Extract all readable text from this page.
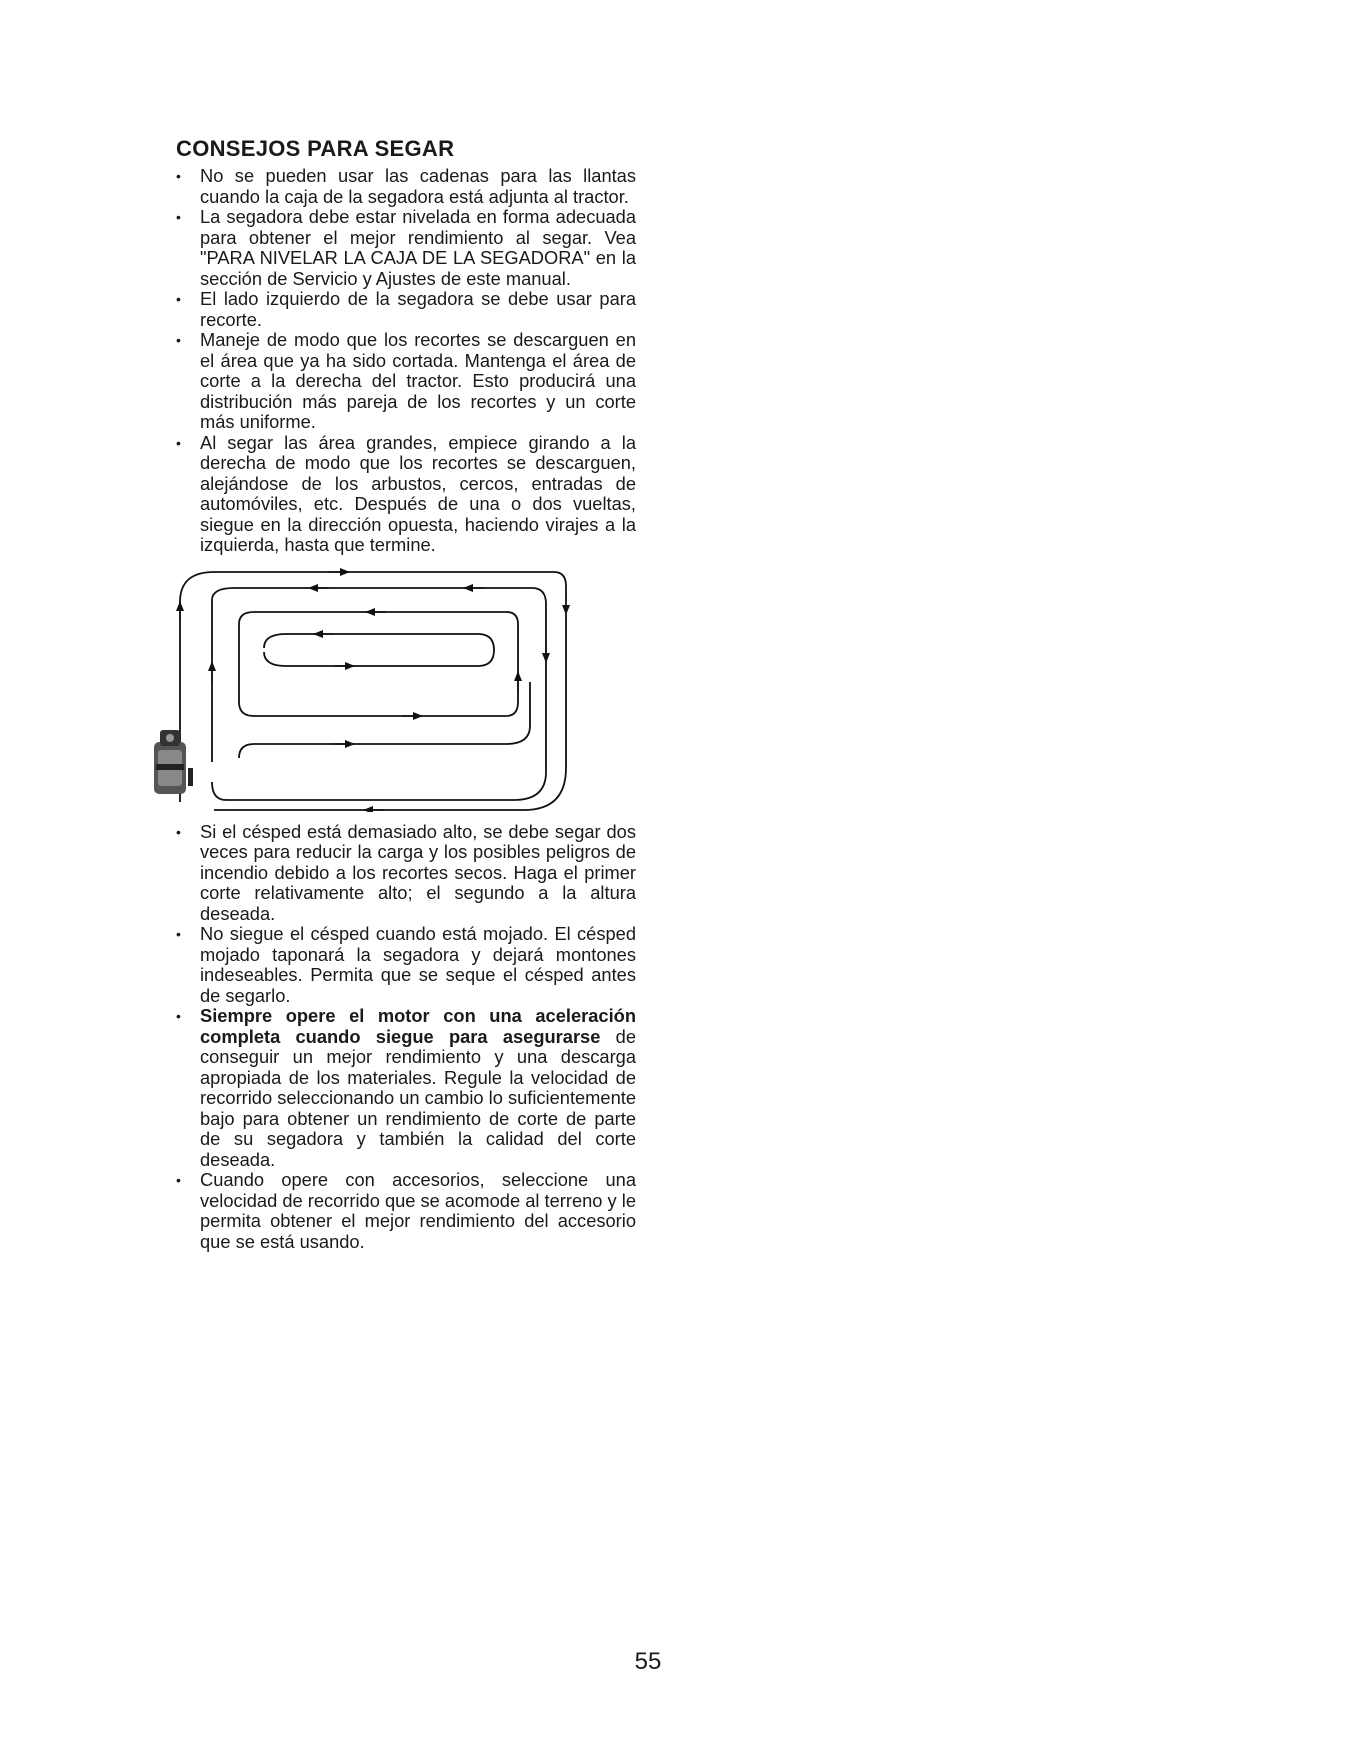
CONSEJOS PARA SEGAR
• No se pueden usar las cadenas para las llantas cuando la caja de la segadora está adjunta al tractor.
• La segadora debe estar nivelada en forma adecuada para obtener el mejor rendimiento al segar. Vea "PARA NIVELAR LA CAJA DE LA SEGADORA" en la sección de Servicio y Ajustes de este manual.
• El lado izquierdo de la segadora se debe usar para recorte.
• Maneje de modo que los recortes se descarguen en el área que ya ha sido cortada. Mantenga el área de corte a la derecha del tractor. Esto producirá una distribución más pareja de los recortes y un corte más uniforme.
• Al segar las área grandes, empiece girando a la derecha de modo que los recortes se descarguen, alejándose de los arbustos, cercos, entradas de automóviles, etc. Después de una o dos vueltas, siegue en la dirección opuesta, haciendo virajes a la izquierda, hasta que termine.
• Si el césped está demasiado alto, se debe segar dos veces para reducir la carga y los posibles peligros de incendio debido a los recortes secos. Haga el primer corte relativamente alto; el segundo a la altura deseada.
• No siegue el césped cuando está mojado. El césped mojado taponará la segadora y dejará montones indeseables. Permita que se seque el césped antes de segarlo.
• Siempre opere el motor con una aceleración completa cuando siegue para asegurarse de conseguir un mejor rendimiento y una descarga apropiada de los materiales. Regule la velocidad de recorrido seleccionando un cambio lo suficientemente bajo para obtener un rendimiento de corte de parte de su segadora y también la calidad del corte deseada.
• Cuando opere con accesorios, seleccione una velocidad de recorrido que se acomode al terreno y le permita obtener el mejor rendimiento del accesorio que se está usando.
55
